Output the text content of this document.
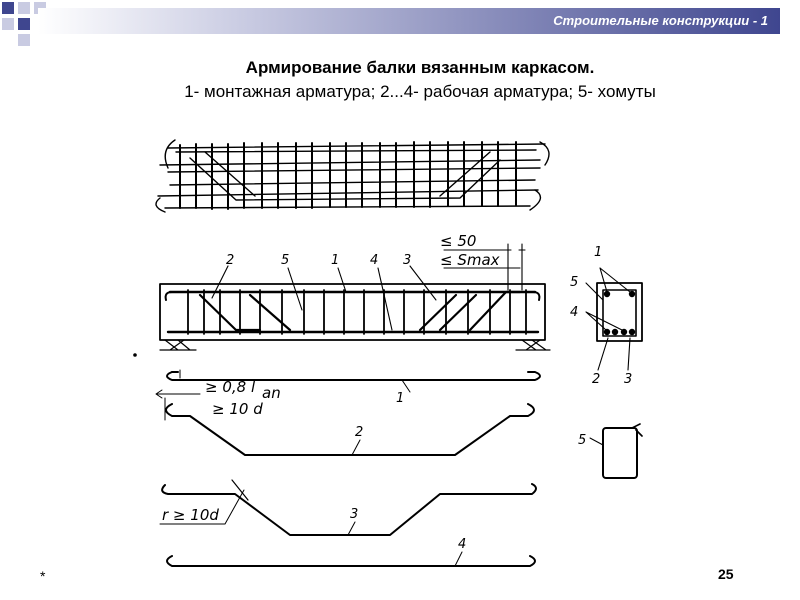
Строительные конструкции - 1
Армирование балки вязанным каркасом.
1- монтажная арматура; 2...4- рабочая арматура; 5- хомуты
2	5	1 4 3
≤ 50
≤ Smax	1
5
4
2 3
1
≥ 0,8 l an
≥ 10 d
2
3
r ≥ 10d
4
5
*	25
